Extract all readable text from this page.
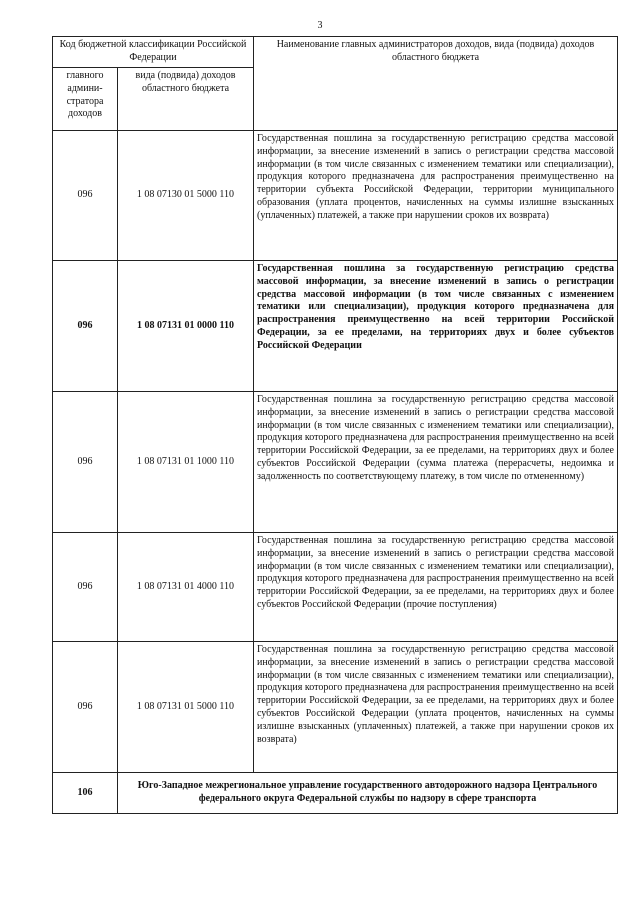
3
Код бюджетной классификации Российской Федерации		Наименование главных администраторов доходов, вида (подвида) доходов областного бюджета
главного админи-стратора доходов	вида (подвида) доходов областного бюджета	
096	1 08 07130 01 5000 110	Государственная пошлина за государственную регистрацию средства массовой информации, за внесение изменений в запись о регистрации средства массовой информации (в том числе связанных с изменением тематики или специализации), продукция которого предназначена для распространения преимущественно на территории субъекта Российской Федерации, территории муниципального образования (уплата процентов, начисленных на суммы излишне взысканных (уплаченных) платежей, а также при нарушении сроков их возврата)
096	1 08 07131 01 0000 110	Государственная пошлина за государственную регистрацию средства массовой информации, за внесение изменений в запись о регистрации средства массовой информации (в том числе связанных с изменением тематики или специализации), продукция которого предназначена для распространения преимущественно на всей территории Российской Федерации, за ее пределами, на территориях двух и более субъектов Российской Федерации
096	1 08 07131 01 1000 110	Государственная пошлина за государственную регистрацию средства массовой информации, за внесение изменений в запись о регистрации средства массовой информации (в том числе связанных с изменением тематики или специализации), продукция которого предназначена для распространения преимущественно на всей территории Российской Федерации, за ее пределами, на территориях двух и более субъектов Российской Федерации (сумма платежа (перерасчеты, недоимка и задолженность по соответствующему платежу, в том числе по отмененному)
096	1 08 07131 01 4000 110	Государственная пошлина за государственную регистрацию средства массовой информации, за внесение изменений в запись о регистрации средства массовой информации (в том числе связанных с изменением тематики или специализации), продукция которого предназначена для распространения преимущественно на всей территории Российской Федерации, за ее пределами, на территориях двух и более субъектов Российской Федерации (прочие поступления)
096	1 08 07131 01 5000 110	Государственная пошлина за государственную регистрацию средства массовой информации, за внесение изменений в запись о регистрации средства массовой информации (в том числе связанных с изменением тематики или специализации), продукция которого предназначена для распространения преимущественно на всей территории Российской Федерации, за ее пределами, на территориях двух и более субъектов Российской Федерации (уплата процентов, начисленных на суммы излишне взысканных (уплаченных) платежей, а также при нарушении сроков их возврата)
106	Юго-Западное межрегиональное управление государственного автодорожного надзора Центрального федерального округа Федеральной службы по надзору в сфере транспорта	
